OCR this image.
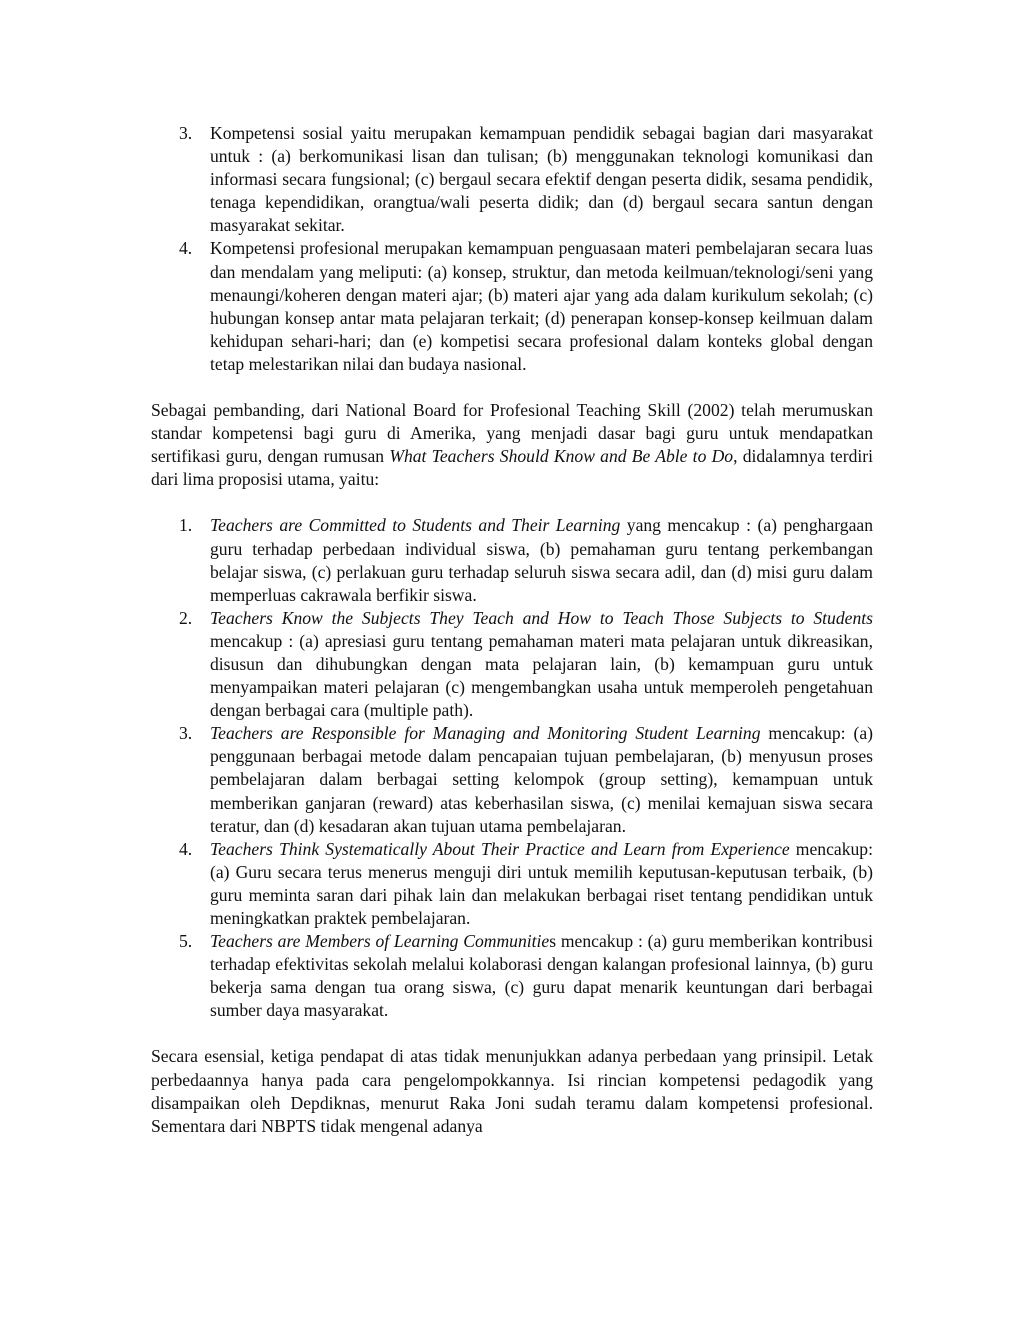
3. Kompetensi sosial yaitu merupakan kemampuan pendidik sebagai bagian dari masyarakat untuk : (a) berkomunikasi lisan dan tulisan; (b) menggunakan teknologi komunikasi dan informasi secara fungsional; (c) bergaul secara efektif dengan peserta didik, sesama pendidik, tenaga kependidikan, orangtua/wali peserta didik; dan (d) bergaul secara santun dengan masyarakat sekitar.
4. Kompetensi profesional merupakan kemampuan penguasaan materi pembelajaran secara luas dan mendalam yang meliputi: (a) konsep, struktur, dan metoda keilmuan/teknologi/seni yang menaungi/koheren dengan materi ajar; (b) materi ajar yang ada dalam kurikulum sekolah; (c) hubungan konsep antar mata pelajaran terkait; (d) penerapan konsep-konsep keilmuan dalam kehidupan sehari-hari; dan (e) kompetisi secara profesional dalam konteks global dengan tetap melestarikan nilai dan budaya nasional.

Sebagai pembanding, dari National Board for Profesional Teaching Skill (2002) telah merumuskan standar kompetensi bagi guru di Amerika, yang menjadi dasar bagi guru untuk mendapatkan sertifikasi guru, dengan rumusan What Teachers Should Know and Be Able to Do, didalamnya terdiri dari lima proposisi utama, yaitu:

1. Teachers are Committed to Students and Their Learning yang mencakup : (a) penghargaan guru terhadap perbedaan individual siswa, (b) pemahaman guru tentang perkembangan belajar siswa, (c) perlakuan guru terhadap seluruh siswa secara adil, dan (d) misi guru dalam memperluas cakrawala berfikir siswa.
2. Teachers Know the Subjects They Teach and How to Teach Those Subjects to Students mencakup : (a) apresiasi guru tentang pemahaman materi mata pelajaran untuk dikreasikan, disusun dan dihubungkan dengan mata pelajaran lain, (b) kemampuan guru untuk menyampaikan materi pelajaran (c) mengembangkan usaha untuk memperoleh pengetahuan dengan berbagai cara (multiple path).
3. Teachers are Responsible for Managing and Monitoring Student Learning mencakup: (a) penggunaan berbagai metode dalam pencapaian tujuan pembelajaran, (b) menyusun proses pembelajaran dalam berbagai setting kelompok (group setting), kemampuan untuk memberikan ganjaran (reward) atas keberhasilan siswa, (c) menilai kemajuan siswa secara teratur, dan (d) kesadaran akan tujuan utama pembelajaran.
4. Teachers Think Systematically About Their Practice and Learn from Experience mencakup: (a) Guru secara terus menerus menguji diri untuk memilih keputusan-keputusan terbaik, (b) guru meminta saran dari pihak lain dan melakukan berbagai riset tentang pendidikan untuk meningkatkan praktek pembelajaran.
5. Teachers are Members of Learning Communities mencakup : (a) guru memberikan kontribusi terhadap efektivitas sekolah melalui kolaborasi dengan kalangan profesional lainnya, (b) guru bekerja sama dengan tua orang siswa, (c) guru dapat menarik keuntungan dari berbagai sumber daya masyarakat.

Secara esensial, ketiga pendapat di atas tidak menunjukkan adanya perbedaan yang prinsipil. Letak perbedaannya hanya pada cara pengelompokkannya. Isi rincian kompetensi pedagodik yang disampaikan oleh Depdiknas, menurut Raka Joni sudah teramu dalam kompetensi profesional. Sementara dari NBPTS tidak mengenal adanya
